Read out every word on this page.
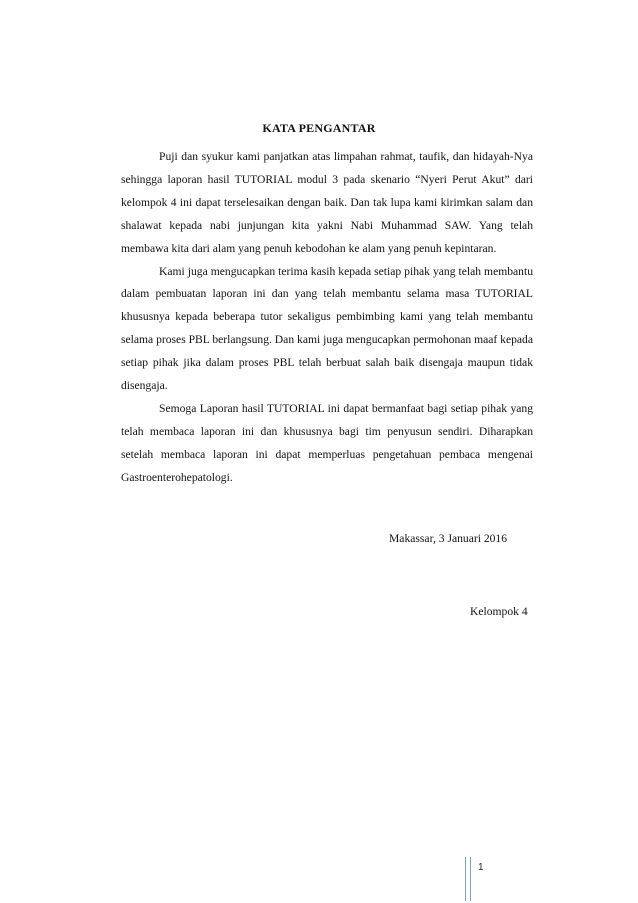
KATA PENGANTAR

Puji dan syukur kami panjatkan atas limpahan rahmat, taufik, dan hidayah-Nya sehingga laporan hasil TUTORIAL modul 3 pada skenario “Nyeri Perut Akut” dari kelompok 4 ini dapat terselesaikan dengan baik. Dan tak lupa kami kirimkan salam dan shalawat kepada nabi junjungan kita yakni Nabi Muhammad SAW. Yang telah membawa kita dari alam yang penuh kebodohan ke alam yang penuh kepintaran.

Kami juga mengucapkan terima kasih kepada setiap pihak yang telah membantu dalam pembuatan laporan ini dan yang telah membantu selama masa TUTORIAL khususnya kepada beberapa tutor sekaligus pembimbing kami yang telah membantu selama proses PBL berlangsung. Dan kami juga mengucapkan permohonan maaf kepada setiap pihak jika dalam proses PBL telah berbuat salah baik disengaja maupun tidak disengaja.

Semoga Laporan hasil TUTORIAL ini dapat bermanfaat bagi setiap pihak yang telah membaca laporan ini dan khususnya bagi tim penyusun sendiri. Diharapkan setelah membaca laporan ini dapat memperluas pengetahuan pembaca mengenai Gastroenterohepatologi.

Makassar, 3 Januari 2016
Kelompok 4
1
